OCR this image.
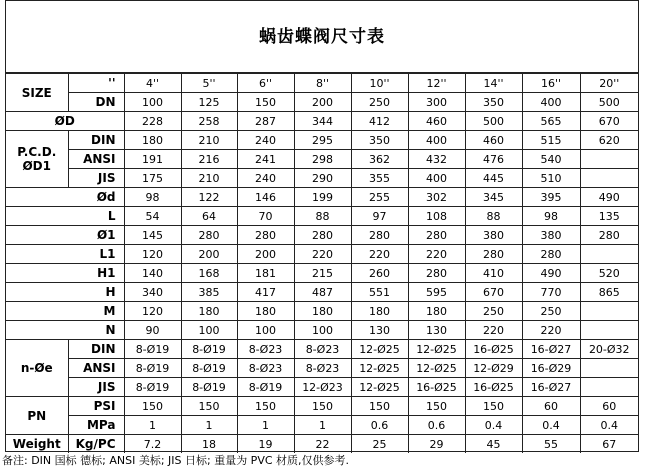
蜗齿蝶阀尺寸表
SIZE	''	4''	5''	6''	8''	10''	12''	14''	16''	20''
	DN	100	125	150	200	250	300	350	400	500
ØD		228	258	287	344	412	460	500	565	670
P.C.D.
ØD1	DIN	180	210	240	295	350	400	460	515	620
	ANSI	191	216	241	298	362	432	476	540	
	JIS	175	210	240	290	355	400	445	510	
Ød		98	122	146	199	255	302	345	395	490
L		54	64	70	88	97	108	88	98	135
Ø1		145	280	280	280	280	280	380	380	280
L1		120	200	200	220	220	220	280	280	
H1		140	168	181	215	260	280	410	490	520
H		340	385	417	487	551	595	670	770	865
M		120	180	180	180	180	180	250	250	
N		90	100	100	100	130	130	220	220	
n-Øe	DIN	8-Ø19	8-Ø19	8-Ø23	8-Ø23	12-Ø25	12-Ø25	16-Ø25	16-Ø27	20-Ø32
	ANSI	8-Ø19	8-Ø19	8-Ø23	8-Ø23	12-Ø25	12-Ø25	12-Ø29	16-Ø29	
	JIS	8-Ø19	8-Ø19	8-Ø19	12-Ø23	12-Ø25	16-Ø25	16-Ø25	16-Ø27	
PN	PSI	150	150	150	150	150	150	150	60	60
	MPa	1	1	1	1	0.6	0.6	0.4	0.4	0.4
Weight	Kg/PC	7.2	18	19	22	25	29	45	55	67
备注: DIN 国标 德标; ANSI 美标; JIS 日标; 重量为 PVC 材质,仅供参考.
